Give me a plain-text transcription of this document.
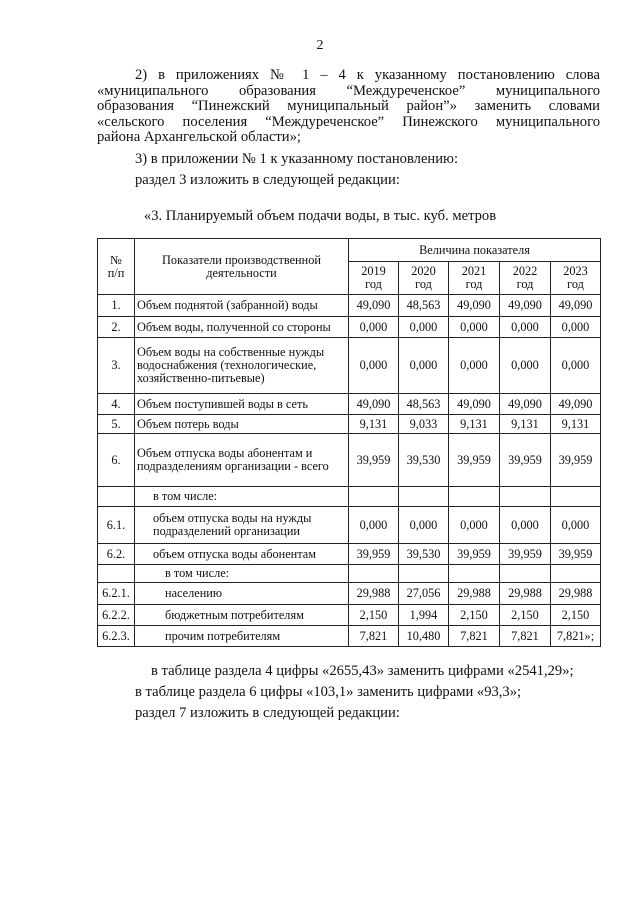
2
2) в приложениях № 1 – 4 к указанному постановлению слова
«муниципального образования “Междуреченское” муниципального
образования “Пинежский муниципальный район”» заменить словами
«сельского поселения “Междуреченское” Пинежского муниципального
района Архангельской области»;
3) в приложении № 1 к указанному постановлению:
раздел 3 изложить в следующей редакции:
«3. Планируемый объем подачи воды, в тыс. куб. метров
№ п/п	Показатели производственной деятельности	Величина показателя				
		2019 год	2020 год	2021 год	2022 год	2023 год
1.	Объем поднятой (забранной) воды	49,090	48,563	49,090	49,090	49,090
2.	Объем воды, полученной со стороны	0,000	0,000	0,000	0,000	0,000
3.	Объем воды на собственные нужды водоснабжения (технологические, хозяйственно-питьевые)	0,000	0,000	0,000	0,000	0,000
4.	Объем поступившей воды в сеть	49,090	48,563	49,090	49,090	49,090
5.	Объем потерь воды	9,131	9,033	9,131	9,131	9,131
6.	Объем отпуска воды абонентам и подразделениям организации - всего	39,959	39,530	39,959	39,959	39,959
	в том числе:					
6.1.	объем отпуска воды на нужды подразделений организации	0,000	0,000	0,000	0,000	0,000
6.2.	объем отпуска воды абонентам	39,959	39,530	39,959	39,959	39,959
	в том числе:					
6.2.1.	населению	29,988	27,056	29,988	29,988	29,988
6.2.2.	бюджетным потребителям	2,150	1,994	2,150	2,150	2,150
6.2.3.	прочим потребителям	7,821	10,480	7,821	7,821	7,821»;
в таблице раздела 4 цифры «2655,43» заменить цифрами «2541,29»;
в таблице раздела 6 цифры «103,1» заменить цифрами «93,3»;
раздел 7 изложить в следующей редакции:
